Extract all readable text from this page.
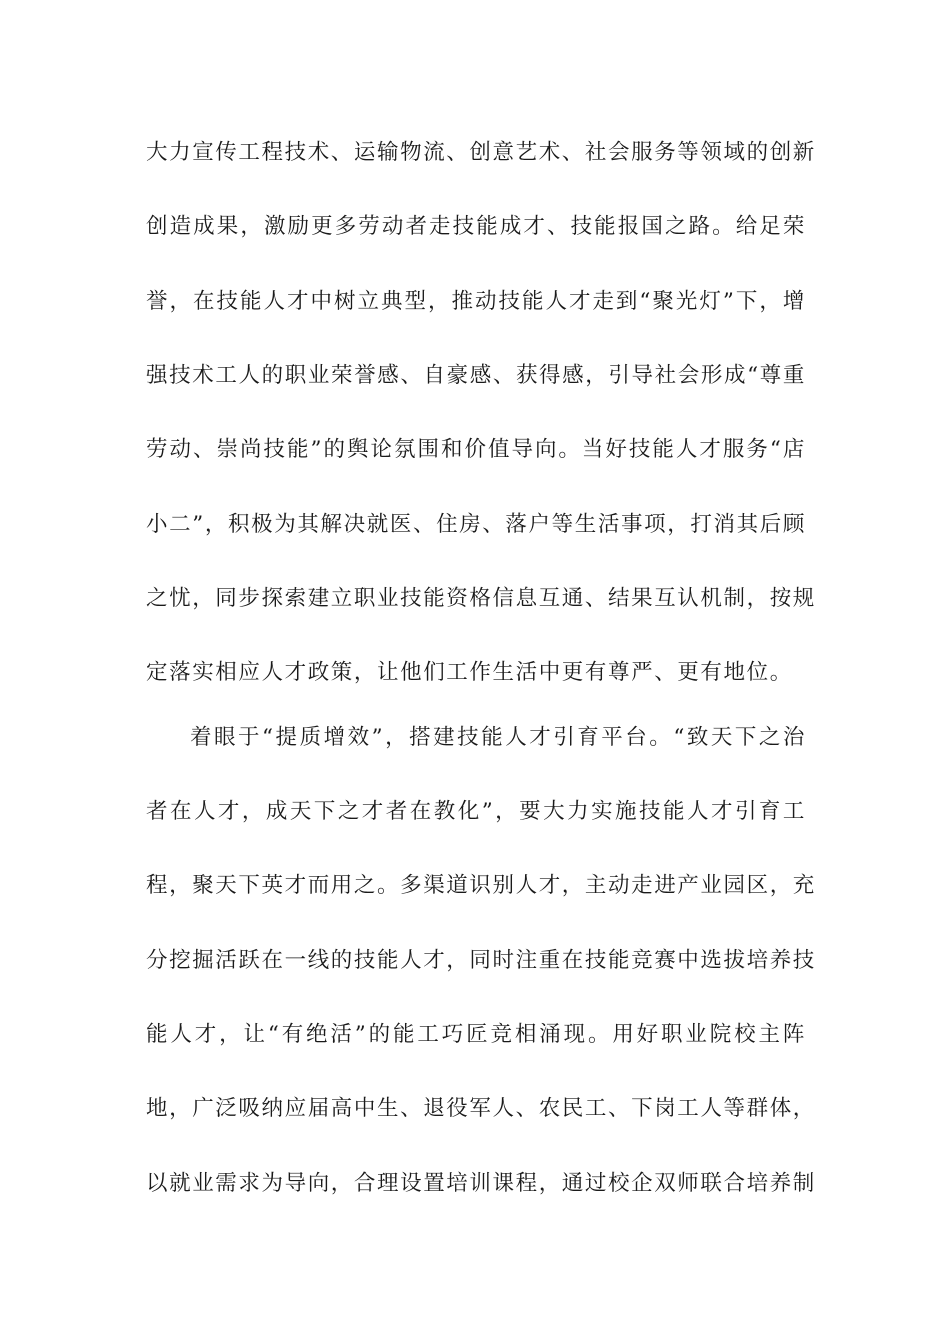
大力宣传工程技术、运输物流、创意艺术、社会服务等领域的创新
创造成果，激励更多劳动者走技能成才、技能报国之路。给足荣
誉，在技能人才中树立典型，推动技能人才走到“聚光灯”下，增
强技术工人的职业荣誉感、自豪感、获得感，引导社会形成“尊重
劳动、崇尚技能”的舆论氛围和价值导向。当好技能人才服务“店
小二”，积极为其解决就医、住房、落户等生活事项，打消其后顾
之忧，同步探索建立职业技能资格信息互通、结果互认机制，按规
定落实相应人才政策，让他们工作生活中更有尊严、更有地位。
着眼于“提质增效”，搭建技能人才引育平台。“致天下之治
者在人才，成天下之才者在教化”，要大力实施技能人才引育工
程，聚天下英才而用之。多渠道识别人才，主动走进产业园区，充
分挖掘活跃在一线的技能人才，同时注重在技能竞赛中选拔培养技
能人才，让“有绝活”的能工巧匠竞相涌现。用好职业院校主阵
地，广泛吸纳应届高中生、退役军人、农民工、下岗工人等群体，
以就业需求为导向，合理设置培训课程，通过校企双师联合培养制
